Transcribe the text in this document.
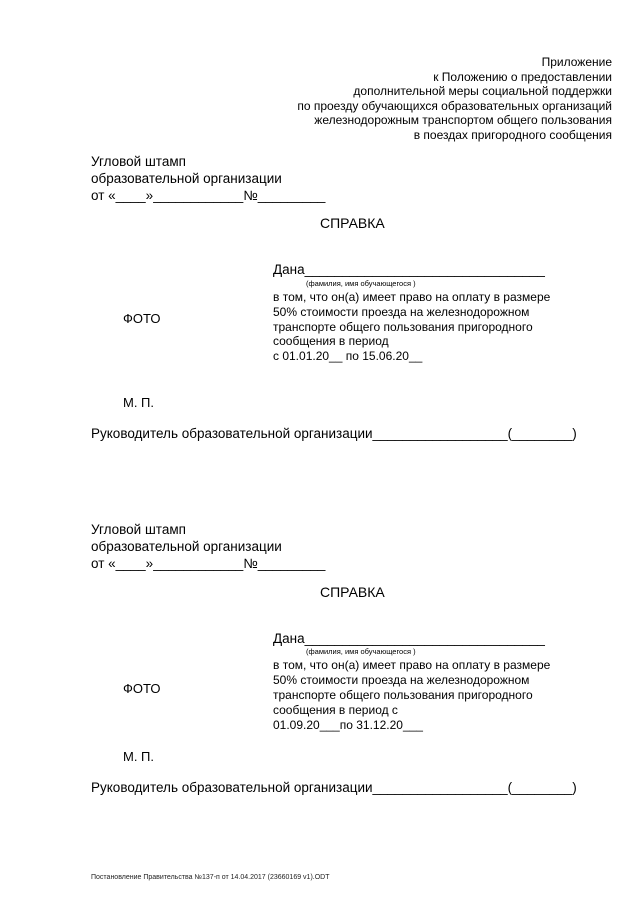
Приложение
к Положению о предоставлении
дополнительной меры социальной поддержки
по проезду обучающихся образовательных организаций
железнодорожным транспортом общего пользования
в поездах пригородного сообщения
Угловой штамп
образовательной организации
от «____»____________№_________
СПРАВКА
Дана________________________________
(фамилия, имя обучающегося )
в том, что он(а) имеет право на оплату в размере
50% стоимости проезда на железнодорожном
транспорте общего пользования пригородного
сообщения в период
с 01.01.20__ по 15.06.20__
ФОТО
М. П.
Руководитель образовательной организации__________________(________)
Угловой штамп
образовательной организации
от «____»____________№_________
СПРАВКА
Дана________________________________
(фамилия, имя обучающегося )
в том, что он(а) имеет право на оплату в размере
50% стоимости проезда на железнодорожном
транспорте общего пользования пригородного
сообщения в период с
01.09.20___по 31.12.20___
ФОТО
М. П.
Руководитель образовательной организации__________________(________)
Постановление Правительства №137-п от 14.04.2017 (23660169 v1).ODT
